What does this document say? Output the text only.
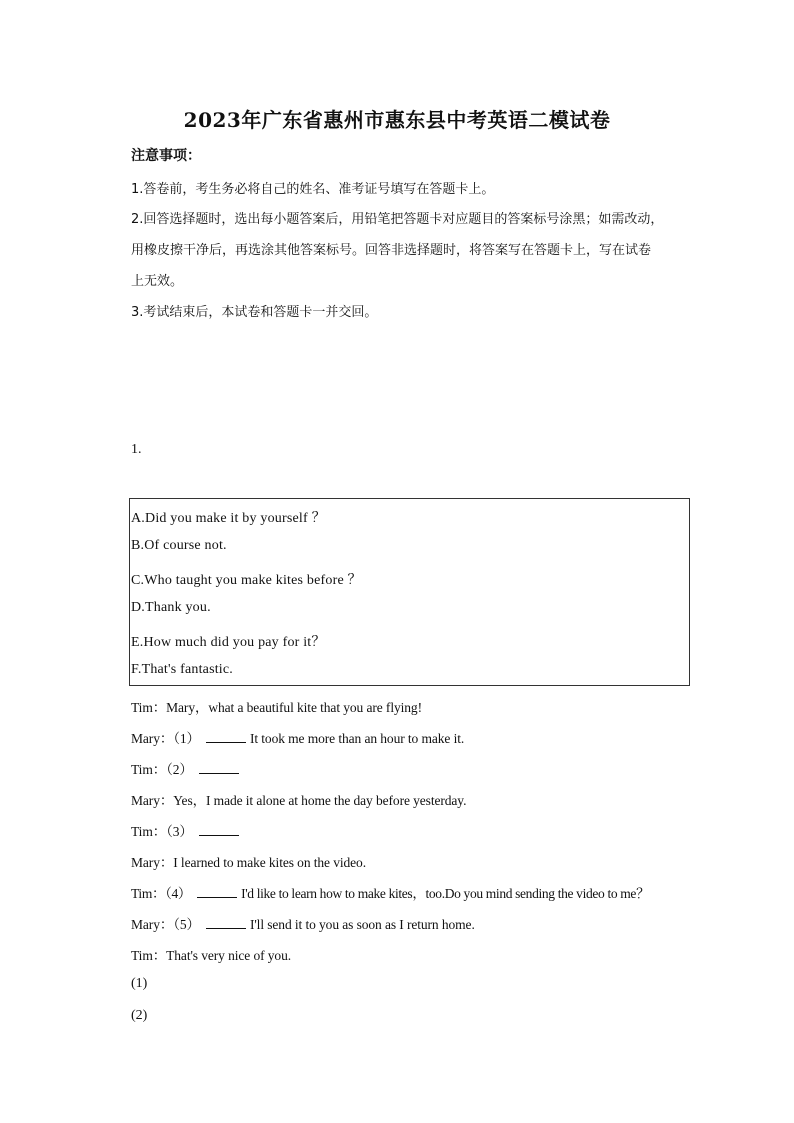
2023年广东省惠州市惠东县中考英语二模试卷
注意事项：
1.答卷前，考生务必将自己的姓名、准考证号填写在答题卡上。
2.回答选择题时，选出每小题答案后，用铅笔把答题卡对应题目的答案标号涂黑；如需改动，
用橡皮擦干净后，再选涂其他答案标号。回答非选择题时，将答案写在答题卡上，写在试卷
上无效。
3.考试结束后，本试卷和答题卡一并交回。
1.
A.Did you make it by yourself ？
B.Of course not.
C.Who taught you make kites before ？
D.Thank you.
E.How much did you pay for it？
F.That's fantastic.
Tim：Mary，what a beautiful kite that you are flying!
Mary：（1）	It took me more than an hour to make it.
Tim：（2）
Mary：Yes，I made it alone at home the day before yesterday.
Tim：（3）
Mary：I learned to make kites on the video.
Tim：（4）	I'd like to learn how to make kites，too.Do you mind sending the video to me？
Mary：（5）	I'll send it to you as soon as I return home.
Tim：That's very nice of you.
(1)
(2)
